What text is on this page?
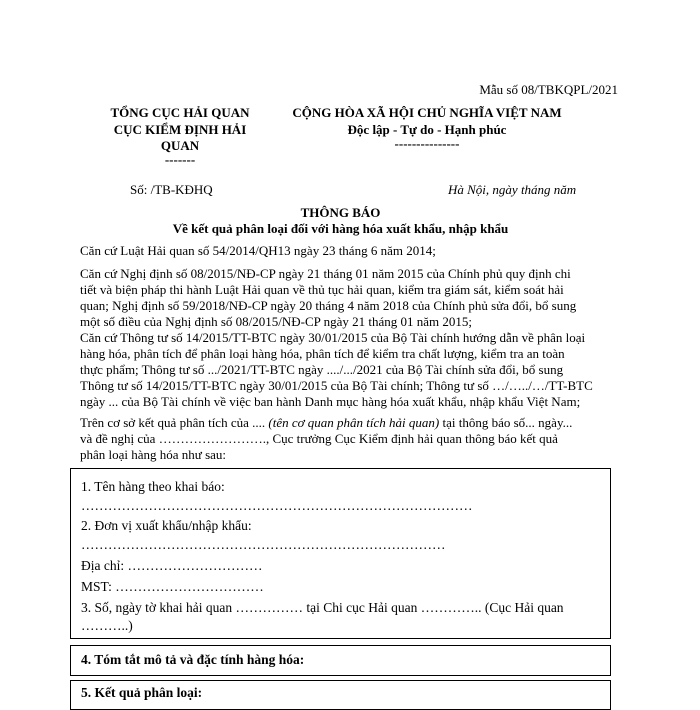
Mẫu số 08/TBKQPL/2021
TỔNG CỤC HẢI QUAN
CỤC KIỂM ĐỊNH HẢI
QUAN
-------
CỘNG HÒA XÃ HỘI CHỦ NGHĨA VIỆT NAM
Độc lập - Tự do - Hạnh phúc
---------------
Số: /TB-KĐHQ	Hà Nội, ngày tháng năm
THÔNG BÁO
Về kết quả phân loại đối với hàng hóa xuất khẩu, nhập khẩu
Căn cứ Luật Hải quan số 54/2014/QH13 ngày 23 tháng 6 năm 2014;
Căn cứ Nghị định số 08/2015/NĐ-CP ngày 21 tháng 01 năm 2015 của Chính phủ quy định chi
tiết và biện pháp thi hành Luật Hải quan về thủ tục hải quan, kiểm tra giám sát, kiểm soát hải
quan; Nghị định số 59/2018/NĐ-CP ngày 20 tháng 4 năm 2018 của Chính phủ sửa đổi, bổ sung
một số điều của Nghị định số 08/2015/NĐ-CP ngày 21 tháng 01 năm 2015;
Căn cứ Thông tư số 14/2015/TT-BTC ngày 30/01/2015 của Bộ Tài chính hướng dẫn về phân loại
hàng hóa, phân tích để phân loại hàng hóa, phân tích để kiểm tra chất lượng, kiểm tra an toàn
thực phẩm; Thông tư số .../2021/TT-BTC ngày ..../.../2021 của Bộ Tài chính sửa đổi, bổ sung
Thông tư số 14/2015/TT-BTC ngày 30/01/2015 của Bộ Tài chính; Thông tư số …/…../…/TT-BTC
ngày ... của Bộ Tài chính về việc ban hành Danh mục hàng hóa xuất khẩu, nhập khẩu Việt Nam;
Trên cơ sở kết quả phân tích của .... (tên cơ quan phân tích hải quan) tại thông báo số... ngày...
và đề nghị của ……………………., Cục trưởng Cục Kiểm định hải quan thông báo kết quả
phân loại hàng hóa như sau:
1. Tên hàng theo khai báo:
……………………………………………………………………………
2. Đơn vị xuất khẩu/nhập khẩu:
………………………………………………………………………
Địa chỉ: …………………………
MST: ……………………………
3. Số, ngày tờ khai hải quan …………… tại Chi cục Hải quan ………….. (Cục Hải quan
………..)
4. Tóm tắt mô tả và đặc tính hàng hóa:
5. Kết quả phân loại:
